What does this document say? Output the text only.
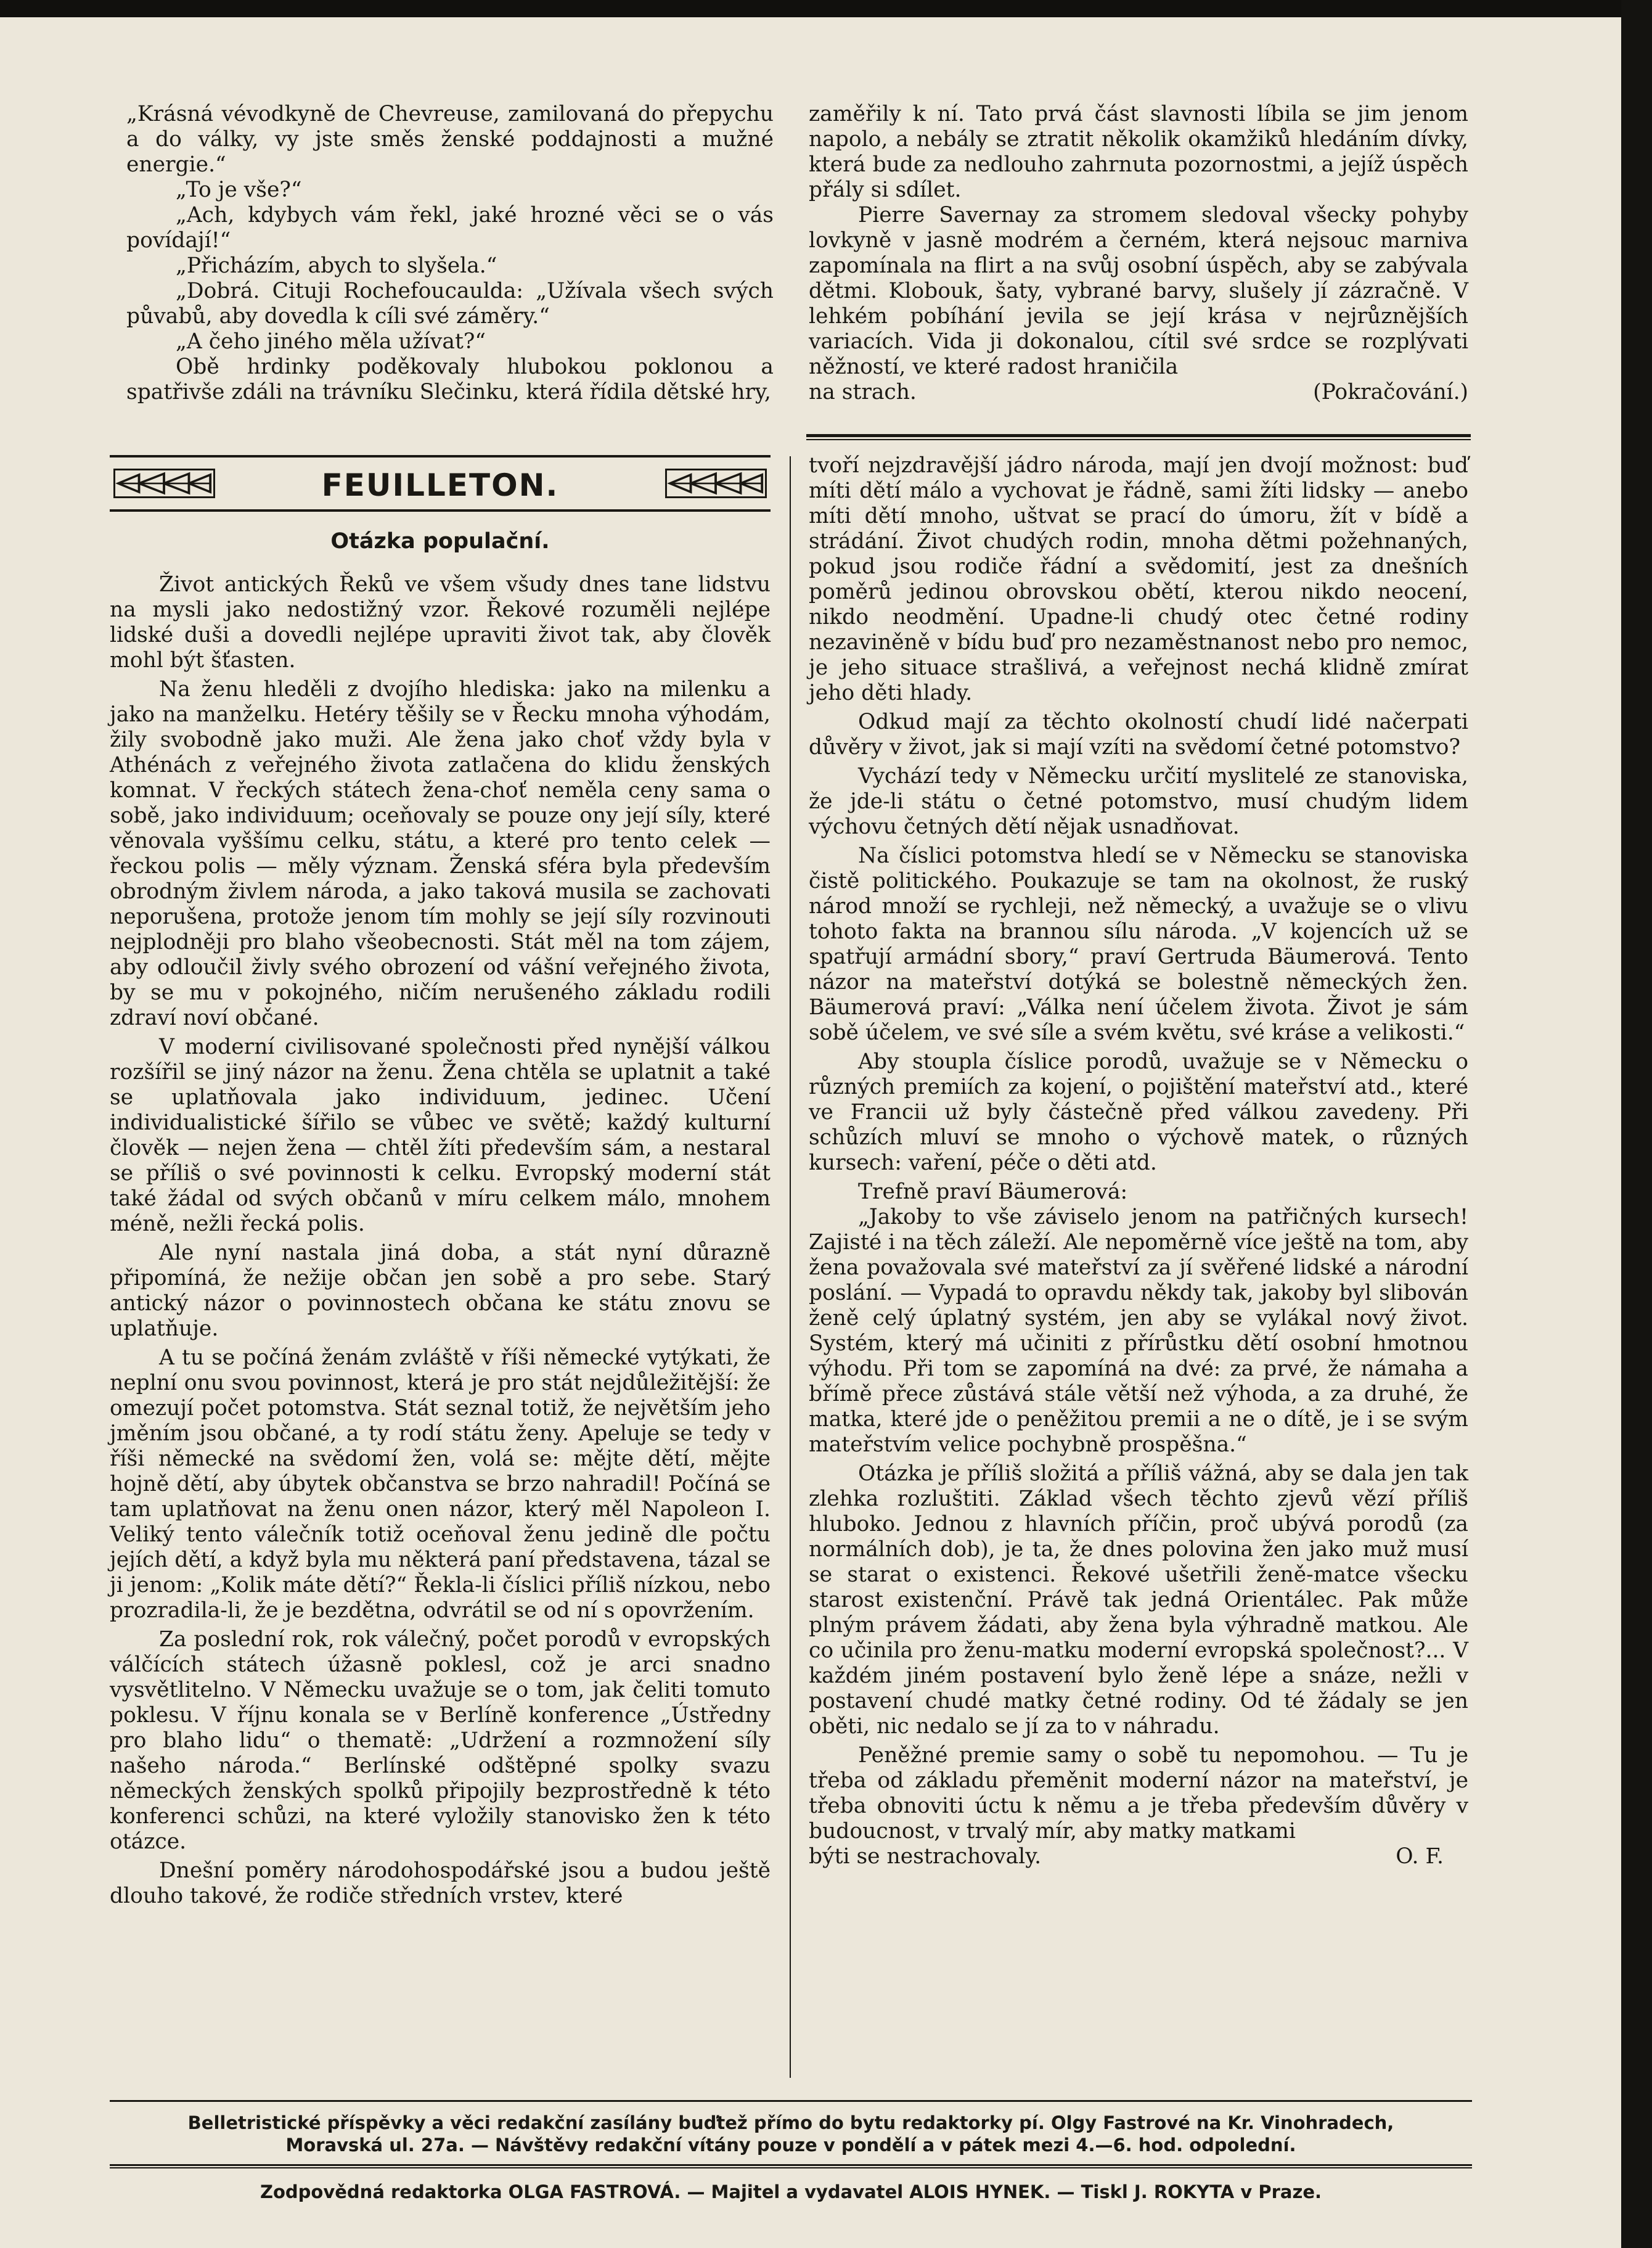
„Krásná vévodkyně de Chevreuse, zamilovaná do přepychu a do války, vy jste směs ženské poddajnosti a mužné energie.“

„To je vše?“

„Ach, kdybych vám řekl, jaké hrozné věci se o vás povídají!“

„Přicházím, abych to slyšela.“

„Dobrá. Cituji Rochefoucaulda: „Užívala všech svých půvabů, aby dovedla k cíli své záměry.“

„A čeho jiného měla užívat?“

Obě hrdinky poděkovaly hlubokou poklonou a spatřivše zdáli na trávníku Slečinku, která řídila dětské hry,

zaměřily k ní. Tato prvá část slavnosti líbila se jim jenom napolo, a nebály se ztratit několik okamžiků hledáním dívky, která bude za nedlouho zahrnuta pozornostmi, a jejíž úspěch přály si sdílet.

Pierre Savernay za stromem sledoval všecky pohyby lovkyně v jasně modrém a černém, která nejsouc marniva zapomínala na flirt a na svůj osobní úspěch, aby se zabývala dětmi. Klobouk, šaty, vybrané barvy, slušely jí zázračně. V lehkém pobíhání jevila se její krása v nejrůznějších variacích. Vida ji dokonalou, cítil své srdce se rozplývati něžností, ve které radost hraničila

na strach.	(Pokračování.)
FEUILLETON.
Otázka populační.

Život antických Řeků ve všem všudy dnes tane lidstvu na mysli jako nedostižný vzor. Řekové rozuměli nejlépe lidské duši a dovedli nejlépe upraviti život tak, aby člověk mohl být šťasten.

Na ženu hleděli z dvojího hlediska: jako na milenku a jako na manželku. Hetéry těšily se v Řecku mnoha výhodám, žily svobodně jako muži. Ale žena jako choť vždy byla v Athénách z veřejného života zatlačena do klidu ženských komnat. V řeckých státech žena-choť neměla ceny sama o sobě, jako individuum; oceňovaly se pouze ony její síly, které věnovala vyššímu celku, státu, a které pro tento celek — řeckou polis — měly význam. Ženská sféra byla především obrodným živlem národa, a jako taková musila se zachovati neporušena, protože jenom tím mohly se její síly rozvinouti nejplodněji pro blaho všeobecnosti. Stát měl na tom zájem, aby odloučil živly svého obrození od vášní veřejného života, by se mu v pokojného, ničím nerušeného základu rodili zdraví noví občané.

V moderní civilisované společnosti před nynější válkou rozšířil se jiný názor na ženu. Žena chtěla se uplatnit a také se uplatňovala jako individuum, jedinec. Učení individualistické šířilo se vůbec ve světě; každý kulturní člověk — nejen žena — chtěl žíti především sám, a nestaral se příliš o své povinnosti k celku. Evropský moderní stát také žádal od svých občanů v míru celkem málo, mnohem méně, nežli řecká polis.

Ale nyní nastala jiná doba, a stát nyní důrazně připomíná, že nežije občan jen sobě a pro sebe. Starý antický názor o povinnostech občana ke státu znovu se uplatňuje.

A tu se počíná ženám zvláště v říši německé vytýkati, že neplní onu svou povinnost, která je pro stát nejdůležitější: že omezují počet potomstva. Stát seznal totiž, že největším jeho jměním jsou občané, a ty rodí státu ženy. Apeluje se tedy v říši německé na svědomí žen, volá se: mějte dětí, mějte hojně dětí, aby úbytek občanstva se brzo nahradil! Počíná se tam uplatňovat na ženu onen názor, který měl Napoleon I. Veliký tento válečník totiž oceňoval ženu jedině dle počtu jejích dětí, a když byla mu některá paní představena, tázal se ji jenom: „Kolik máte dětí?“ Řekla-li číslici příliš nízkou, nebo prozradila-li, že je bezdětna, odvrátil se od ní s opovržením.

Za poslední rok, rok válečný, počet porodů v evropských válčících státech úžasně poklesl, což je arci snadno vysvětlitelno. V Německu uvažuje se o tom, jak čeliti tomuto poklesu. V říjnu konala se v Berlíně konference „Ústředny pro blaho lidu“ o thematě: „Udržení a rozmnožení síly našeho národa.“ Berlínské odštěpné spolky svazu německých ženských spolků připojily bezprostředně k této konferenci schůzi, na které vyložily stanovisko žen k této otázce.

Dnešní poměry národohospodářské jsou a budou ještě dlouho takové, že rodiče středních vrstev, které

tvoří nejzdravější jádro národa, mají jen dvojí možnost: buď míti dětí málo a vychovat je řádně, sami žíti lidsky — anebo míti dětí mnoho, uštvat se prací do úmoru, žít v bídě a strádání. Život chudých rodin, mnoha dětmi požehnaných, pokud jsou rodiče řádní a svědomití, jest za dnešních poměrů jedinou obrovskou obětí, kterou nikdo neocení, nikdo neodmění. Upadne-li chudý otec četné rodiny nezaviněně v bídu buď pro nezaměstnanost nebo pro nemoc, je jeho situace strašlivá, a veřejnost nechá klidně zmírat jeho děti hlady.

Odkud mají za těchto okolností chudí lidé načerpati důvěry v život, jak si mají vzíti na svědomí četné potomstvo?

Vychází tedy v Německu určití myslitelé ze stanoviska, že jde-li státu o četné potomstvo, musí chudým lidem výchovu četných dětí nějak usnadňovat.

Na číslici potomstva hledí se v Německu se stanoviska čistě politického. Poukazuje se tam na okolnost, že ruský národ množí se rychleji, než německý, a uvažuje se o vlivu tohoto fakta na brannou sílu národa. „V kojencích už se spatřují armádní sbory,“ praví Gertruda Bäumerová. Tento názor na mateřství dotýká se bolestně německých žen. Bäumerová praví: „Válka není účelem života. Život je sám sobě účelem, ve své síle a svém květu, své kráse a velikosti.“

Aby stoupla číslice porodů, uvažuje se v Německu o různých premiích za kojení, o pojištění mateřství atd., které ve Francii už byly částečně před válkou zavedeny. Při schůzích mluví se mnoho o výchově matek, o různých kursech: vaření, péče o děti atd.

Trefně praví Bäumerová:

„Jakoby to vše záviselo jenom na patřičných kursech! Zajisté i na těch záleží. Ale nepoměrně více ještě na tom, aby žena považovala své mateřství za jí svěřené lidské a národní poslání. — Vypadá to opravdu někdy tak, jakoby byl slibován ženě celý úplatný systém, jen aby se vylákal nový život. Systém, který má učiniti z přírůstku dětí osobní hmotnou výhodu. Při tom se zapomíná na dvé: za prvé, že námaha a břímě přece zůstává stále větší než výhoda, a za druhé, že matka, které jde o peněžitou premii a ne o dítě, je i se svým mateřstvím velice pochybně prospěšna.“

Otázka je příliš složitá a příliš vážná, aby se dala jen tak zlehka rozluštiti. Základ všech těchto zjevů vězí příliš hluboko. Jednou z hlavních příčin, proč ubývá porodů (za normálních dob), je ta, že dnes polovina žen jako muž musí se starat o existenci. Řekové ušetřili ženě-matce všecku starost existenční. Právě tak jedná Orientálec. Pak může plným právem žádati, aby žena byla výhradně matkou. Ale co učinila pro ženu-matku moderní evropská společnost?... V každém jiném postavení bylo ženě lépe a snáze, nežli v postavení chudé matky četné rodiny. Od té žádaly se jen oběti, nic nedalo se jí za to v náhradu.

Peněžné premie samy o sobě tu nepomohou. — Tu je třeba od základu přeměnit moderní názor na mateřství, je třeba obnoviti úctu k němu a je třeba především důvěry v budoucnost, v trvalý mír, aby matky matkami

býti se nestrachovaly.	O. F.
Belletristické příspěvky a věci redakční zasílány buďtež přímo do bytu redaktorky pí. Olgy Fastrové na Kr. Vinohradech,
Moravská ul. 27a. — Návštěvy redakční vítány pouze v pondělí a v pátek mezi 4.—6. hod. odpolední.
Zodpovědná redaktorka OLGA FASTROVÁ. — Majitel a vydavatel ALOIS HYNEK. — Tiskl J. ROKYTA v Praze.
